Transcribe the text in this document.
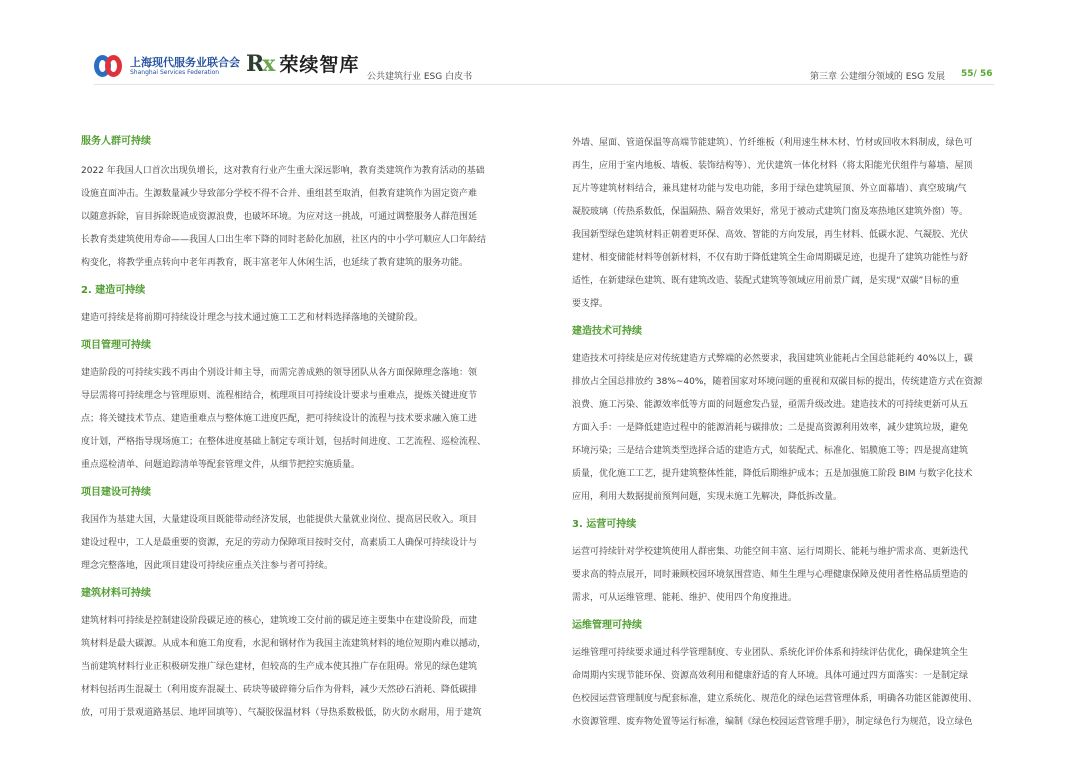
上海现代服务业联合会
Shanghai Services Federation	Rx 荣续智库
公共建筑行业 ESG 白皮书	第三章 公建细分领域的 ESG 发展 55/ 56
服务人群可持续
2022 年我国人口首次出现负增长，这对教育行业产生重大深远影响，教育类建筑作为教育活动的基础
设施直面冲击。生源数量减少导致部分学校不得不合并、重组甚至取消，但教育建筑作为固定资产难
以随意拆除，盲目拆除既造成资源浪费，也破坏环境。为应对这一挑战，可通过调整服务人群范围延
长教育类建筑使用寿命——我国人口出生率下降的同时老龄化加剧，社区内的中小学可顺应人口年龄结
构变化，将教学重点转向中老年再教育，既丰富老年人休闲生活，也延续了教育建筑的服务功能。
2. 建造可持续
建造可持续是将前期可持续设计理念与技术通过施工工艺和材料选择落地的关键阶段。
项目管理可持续
建造阶段的可持续实践不再由个别设计师主导，而需完善成熟的领导团队从各方面保障理念落地：领
导层需将可持续理念与管理原则、流程相结合，梳理项目可持续设计要求与重难点，提炼关键进度节
点；将关键技术节点、建造重难点与整体施工进度匹配，把可持续设计的流程与技术要求融入施工进
度计划，严格指导现场施工；在整体进度基础上制定专项计划，包括时间进度、工艺流程、巡检流程、
重点巡检清单、问题追踪清单等配套管理文件，从细节把控实施质量。
项目建设可持续
我国作为基建大国，大量建设项目既能带动经济发展，也能提供大量就业岗位、提高居民收入。项目
建设过程中，工人是最重要的资源，充足的劳动力保障项目按时交付，高素质工人确保可持续设计与
理念完整落地，因此项目建设可持续应重点关注参与者可持续。
建筑材料可持续
建筑材料可持续是控制建设阶段碳足迹的核心，建筑竣工交付前的碳足迹主要集中在建设阶段，而建
筑材料是最大碳源。从成本和施工角度看，水泥和钢材作为我国主流建筑材料的地位短期内难以撼动，
当前建筑材料行业正积极研发推广绿色建材，但较高的生产成本使其推广存在阻碍。常见的绿色建筑
材料包括再生混凝土（利用废弃混凝土、砖块等破碎筛分后作为骨料，减少天然砂石消耗、降低碳排
放，可用于景观道路基层、地坪回填等）、气凝胶保温材料（导热系数极低，防火防水耐用，用于建筑
外墙、屋面、管道保温等高端节能建筑）、竹纤维板（利用速生林木材、竹材或回收木料制成，绿色可
再生，应用于室内地板、墙板、装饰结构等）、光伏建筑一体化材料（将太阳能光伏组件与幕墙、屋顶
瓦片等建筑材料结合，兼具建材功能与发电功能，多用于绿色建筑屋顶、外立面幕墙）、真空玻璃/气
凝胶玻璃（传热系数低，保温隔热、隔音效果好，常见于被动式建筑门窗及寒热地区建筑外窗）等。
我国新型绿色建筑材料正朝着更环保、高效、智能的方向发展，再生材料、低碳水泥、气凝胶、光伏
建材、相变储能材料等创新材料，不仅有助于降低建筑全生命周期碳足迹，也提升了建筑功能性与舒
适性，在新建绿色建筑、既有建筑改造、装配式建筑等领域应用前景广阔，是实现“双碳”目标的重
要支撑。
建造技术可持续
建造技术可持续是应对传统建造方式弊端的必然要求，我国建筑业能耗占全国总能耗约 40%以上，碳
排放占全国总排放约 38%~40%，随着国家对环境问题的重视和双碳目标的提出，传统建造方式在资源
浪费、施工污染、能源效率低等方面的问题愈发凸显，亟需升级改进。建造技术的可持续更新可从五
方面入手：一是降低建造过程中的能源消耗与碳排放；二是提高资源利用效率，减少建筑垃圾，避免
环境污染；三是结合建筑类型选择合适的建造方式，如装配式、标准化、铝膜施工等；四是提高建筑
质量，优化施工工艺，提升建筑整体性能，降低后期维护成本；五是加强施工阶段 BIM 与数字化技术
应用，利用大数据提前预判问题，实现未施工先解决，降低拆改量。
3. 运营可持续
运营可持续针对学校建筑使用人群密集、功能空间丰富、运行周期长、能耗与维护需求高、更新迭代
要求高的特点展开，同时兼顾校园环境氛围营造、师生生理与心理健康保障及使用者性格品质塑造的
需求，可从运维管理、能耗、维护、使用四个角度推进。
运维管理可持续
运维管理可持续要求通过科学管理制度、专业团队、系统化评价体系和持续评估优化，确保建筑全生
命周期内实现节能环保、资源高效利用和健康舒适的育人环境。具体可通过四方面落实：一是制定绿
色校园运营管理制度与配套标准，建立系统化、规范化的绿色运营管理体系，明确各功能区能源使用、
水资源管理、废弃物处置等运行标准，编制《绿色校园运营管理手册》，制定绿色行为规范，设立绿色
